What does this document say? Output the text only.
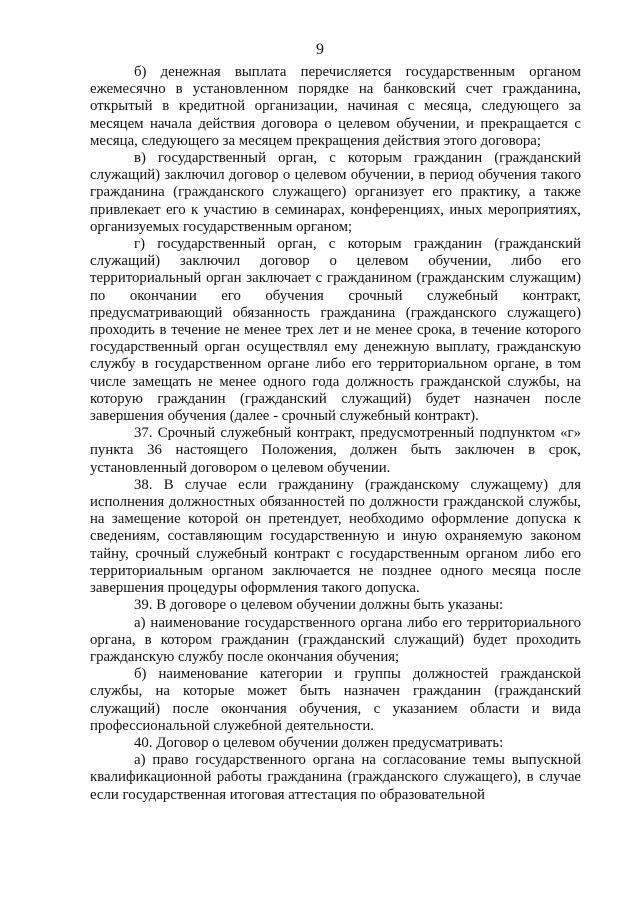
9

б) денежная выплата перечисляется государственным органом ежемесячно в установленном порядке на банковский счет гражданина, открытый в кредитной организации, начиная с месяца, следующего за месяцем начала действия договора о целевом обучении, и прекращается с месяца, следующего за месяцем прекращения действия этого договора;

в) государственный орган, с которым гражданин (гражданский служащий) заключил договор о целевом обучении, в период обучения такого гражданина (гражданского служащего) организует его практику, а также привлекает его к участию в семинарах, конференциях, иных мероприятиях, организуемых государственным органом;

г) государственный орган, с которым гражданин (гражданский служащий) заключил договор о целевом обучении, либо его территориальный орган заключает с гражданином (гражданским служащим) по окончании его обучения срочный служебный контракт, предусматривающий обязанность гражданина (гражданского служащего) проходить в течение не менее трех лет и не менее срока, в течение которого государственный орган осуществлял ему денежную выплату, гражданскую службу в государственном органе либо его территориальном органе, в том числе замещать не менее одного года должность гражданской службы, на которую гражданин (гражданский служащий) будет назначен после завершения обучения (далее - срочный служебный контракт).

37. Срочный служебный контракт, предусмотренный подпунктом «г» пункта 36 настоящего Положения, должен быть заключен в срок, установленный договором о целевом обучении.

38. В случае если гражданину (гражданскому служащему) для исполнения должностных обязанностей по должности гражданской службы, на замещение которой он претендует, необходимо оформление допуска к сведениям, составляющим государственную и иную охраняемую законом тайну, срочный служебный контракт с государственным органом либо его территориальным органом заключается не позднее одного месяца после завершения процедуры оформления такого допуска.

39. В договоре о целевом обучении должны быть указаны:

а) наименование государственного органа либо его территориального органа, в котором гражданин (гражданский служащий) будет проходить гражданскую службу после окончания обучения;

б) наименование категории и группы должностей гражданской службы, на которые может быть назначен гражданин (гражданский служащий) после окончания обучения, с указанием области и вида профессиональной служебной деятельности.

40. Договор о целевом обучении должен предусматривать:

а) право государственного органа на согласование темы выпускной квалификационной работы гражданина (гражданского служащего), в случае если государственная итоговая аттестация по образовательной
